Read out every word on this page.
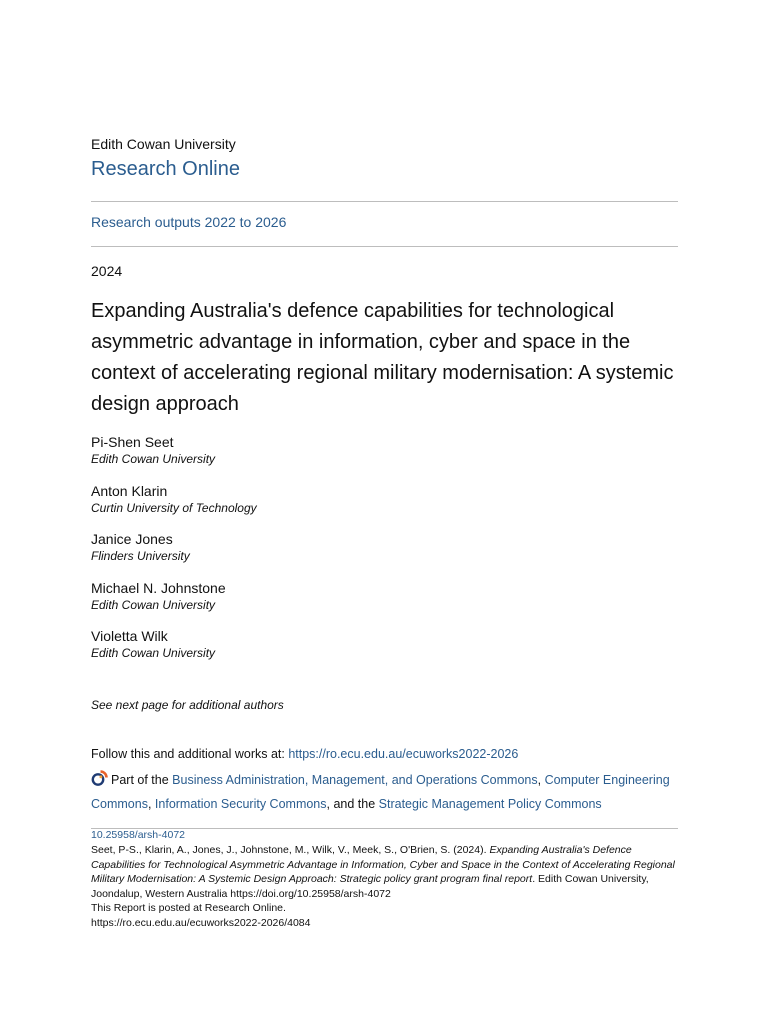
Edith Cowan University
Research Online
Research outputs 2022 to 2026
2024
Expanding Australia's defence capabilities for technological asymmetric advantage in information, cyber and space in the context of accelerating regional military modernisation: A systemic design approach
Pi-Shen Seet
Edith Cowan University
Anton Klarin
Curtin University of Technology
Janice Jones
Flinders University
Michael N. Johnstone
Edith Cowan University
Violetta Wilk
Edith Cowan University
See next page for additional authors
Follow this and additional works at: https://ro.ecu.edu.au/ecuworks2022-2026
Part of the Business Administration, Management, and Operations Commons, Computer Engineering Commons, Information Security Commons, and the Strategic Management Policy Commons
10.25958/arsh-4072
Seet, P-S., Klarin, A., Jones, J., Johnstone, M., Wilk, V., Meek, S., O'Brien, S. (2024). Expanding Australia's Defence Capabilities for Technological Asymmetric Advantage in Information, Cyber and Space in the Context of Accelerating Regional Military Modernisation: A Systemic Design Approach: Strategic policy grant program final report. Edith Cowan University, Joondalup, Western Australia https://doi.org/10.25958/arsh-4072
This Report is posted at Research Online.
https://ro.ecu.edu.au/ecuworks2022-2026/4084
